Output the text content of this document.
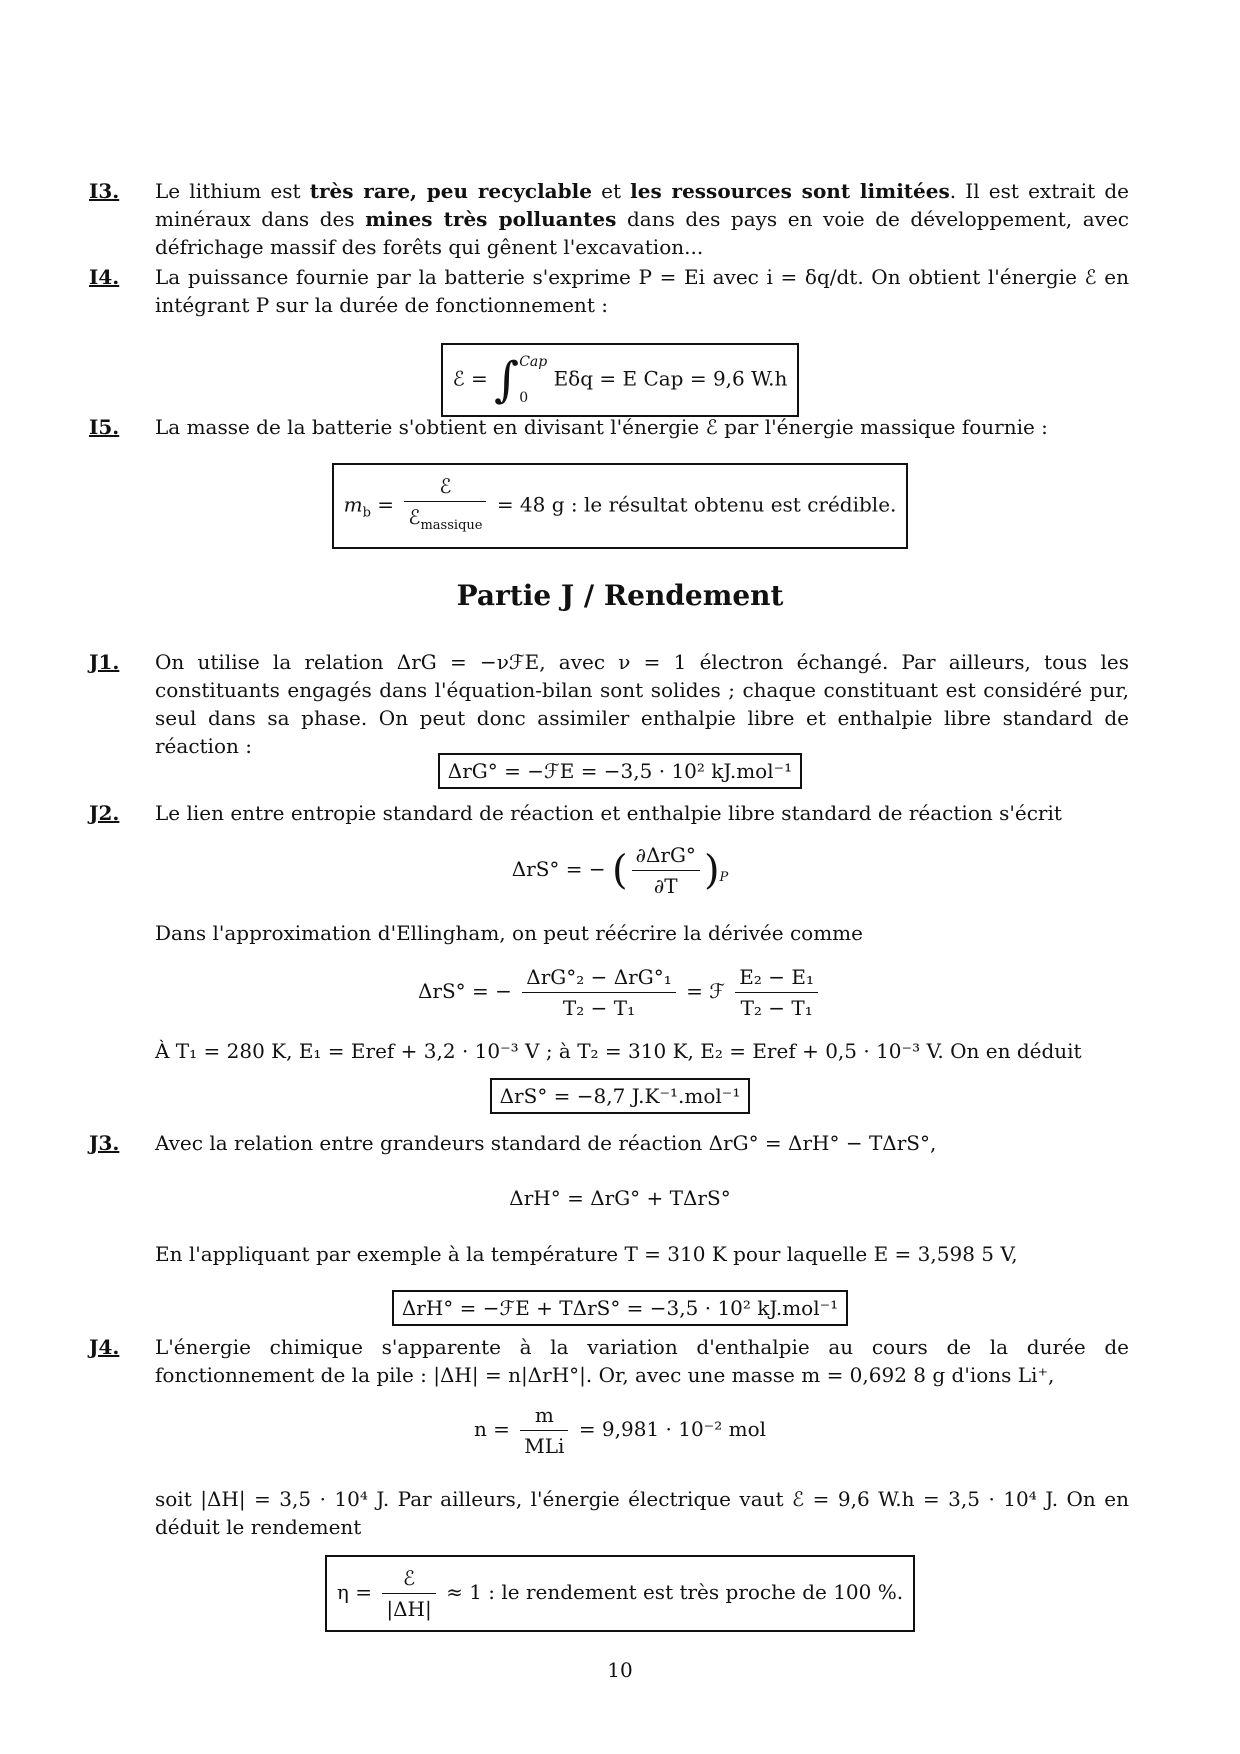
I3. Le lithium est très rare, peu recyclable et les ressources sont limitées. Il est extrait de minéraux dans des mines très polluantes dans des pays en voie de développement, avec défrichage massif des forêts qui gênent l'excavation...
I4. La puissance fournie par la batterie s'exprime P = Ei avec i = δq/dt. On obtient l'énergie ℰ en intégrant P sur la durée de fonctionnement :
ℰ = ∫Cap

0 Eδq = E Cap = 9,6 W.h
I5. La masse de la batterie s'obtient en divisant l'énergie ℰ par l'énergie massique fournie :
$m_b = \frac{\text{ℰ}}{ℰ_{massique}} = 48$ g : le résultat obtenu est crédible.
Partie J / Rendement
J1. On utilise la relation ΔrG = −νℱE, avec ν = 1 électron échangé. Par ailleurs, tous les constituants engagés dans l'équation-bilan sont solides ; chaque constituant est considéré pur, seul dans sa phase. On peut donc assimiler enthalpie libre et enthalpie libre standard de réaction :
ΔrG° = −ℱE = −3,5 · 10² kJ.mol⁻¹
J2. Le lien entre entropie standard de réaction et enthalpie libre standard de réaction s'écrit
ΔrS° = − ( $\frac{\text{∂ΔrG°}}{\partial T} )_P$
Dans l'approximation d'Ellingham, on peut réécrire la dérivée comme
ΔrS° = − $\frac{\text{ΔrG°₂ − ΔrG°₁}}{\text{T₂ − T₁}}$ = ℱ $\frac{\text{E₂ − E₁}}{\text{T₂ − T₁}}$
À T₁ = 280 K, E₁ = Eref + 3,2 · 10⁻³ V ; à T₂ = 310 K, E₂ = Eref + 0,5 · 10⁻³ V. On en déduit
ΔrS° = −8,7 J.K⁻¹.mol⁻¹
J3. Avec la relation entre grandeurs standard de réaction ΔrG° = ΔrH° − TΔrS°,
ΔrH° = ΔrG° + TΔrS°
En l'appliquant par exemple à la température T = 310 K pour laquelle E = 3,598 5 V,
ΔrH° = −ℱE + TΔrS° = −3,5 · 10² kJ.mol⁻¹
J4. L'énergie chimique s'apparente à la variation d'enthalpie au cours de la durée de fonctionnement de la pile : |ΔH| = n|ΔrH°|. Or, avec une masse m = 0,692 8 g d'ions Li⁺,
$n = \frac{m}{\text{MLi}} = 9,981 \cdot 10^{-2}$ mol
soit |ΔH| = 3,5 · 10⁴ J. Par ailleurs, l'énergie électrique vaut ℰ = 9,6 W.h = 3,5 · 10⁴ J. On en déduit le rendement
$\eta = \frac{\text{ℰ}}{|\Delta H|} \approx 1$ : le rendement est très proche de 100 %.
10
